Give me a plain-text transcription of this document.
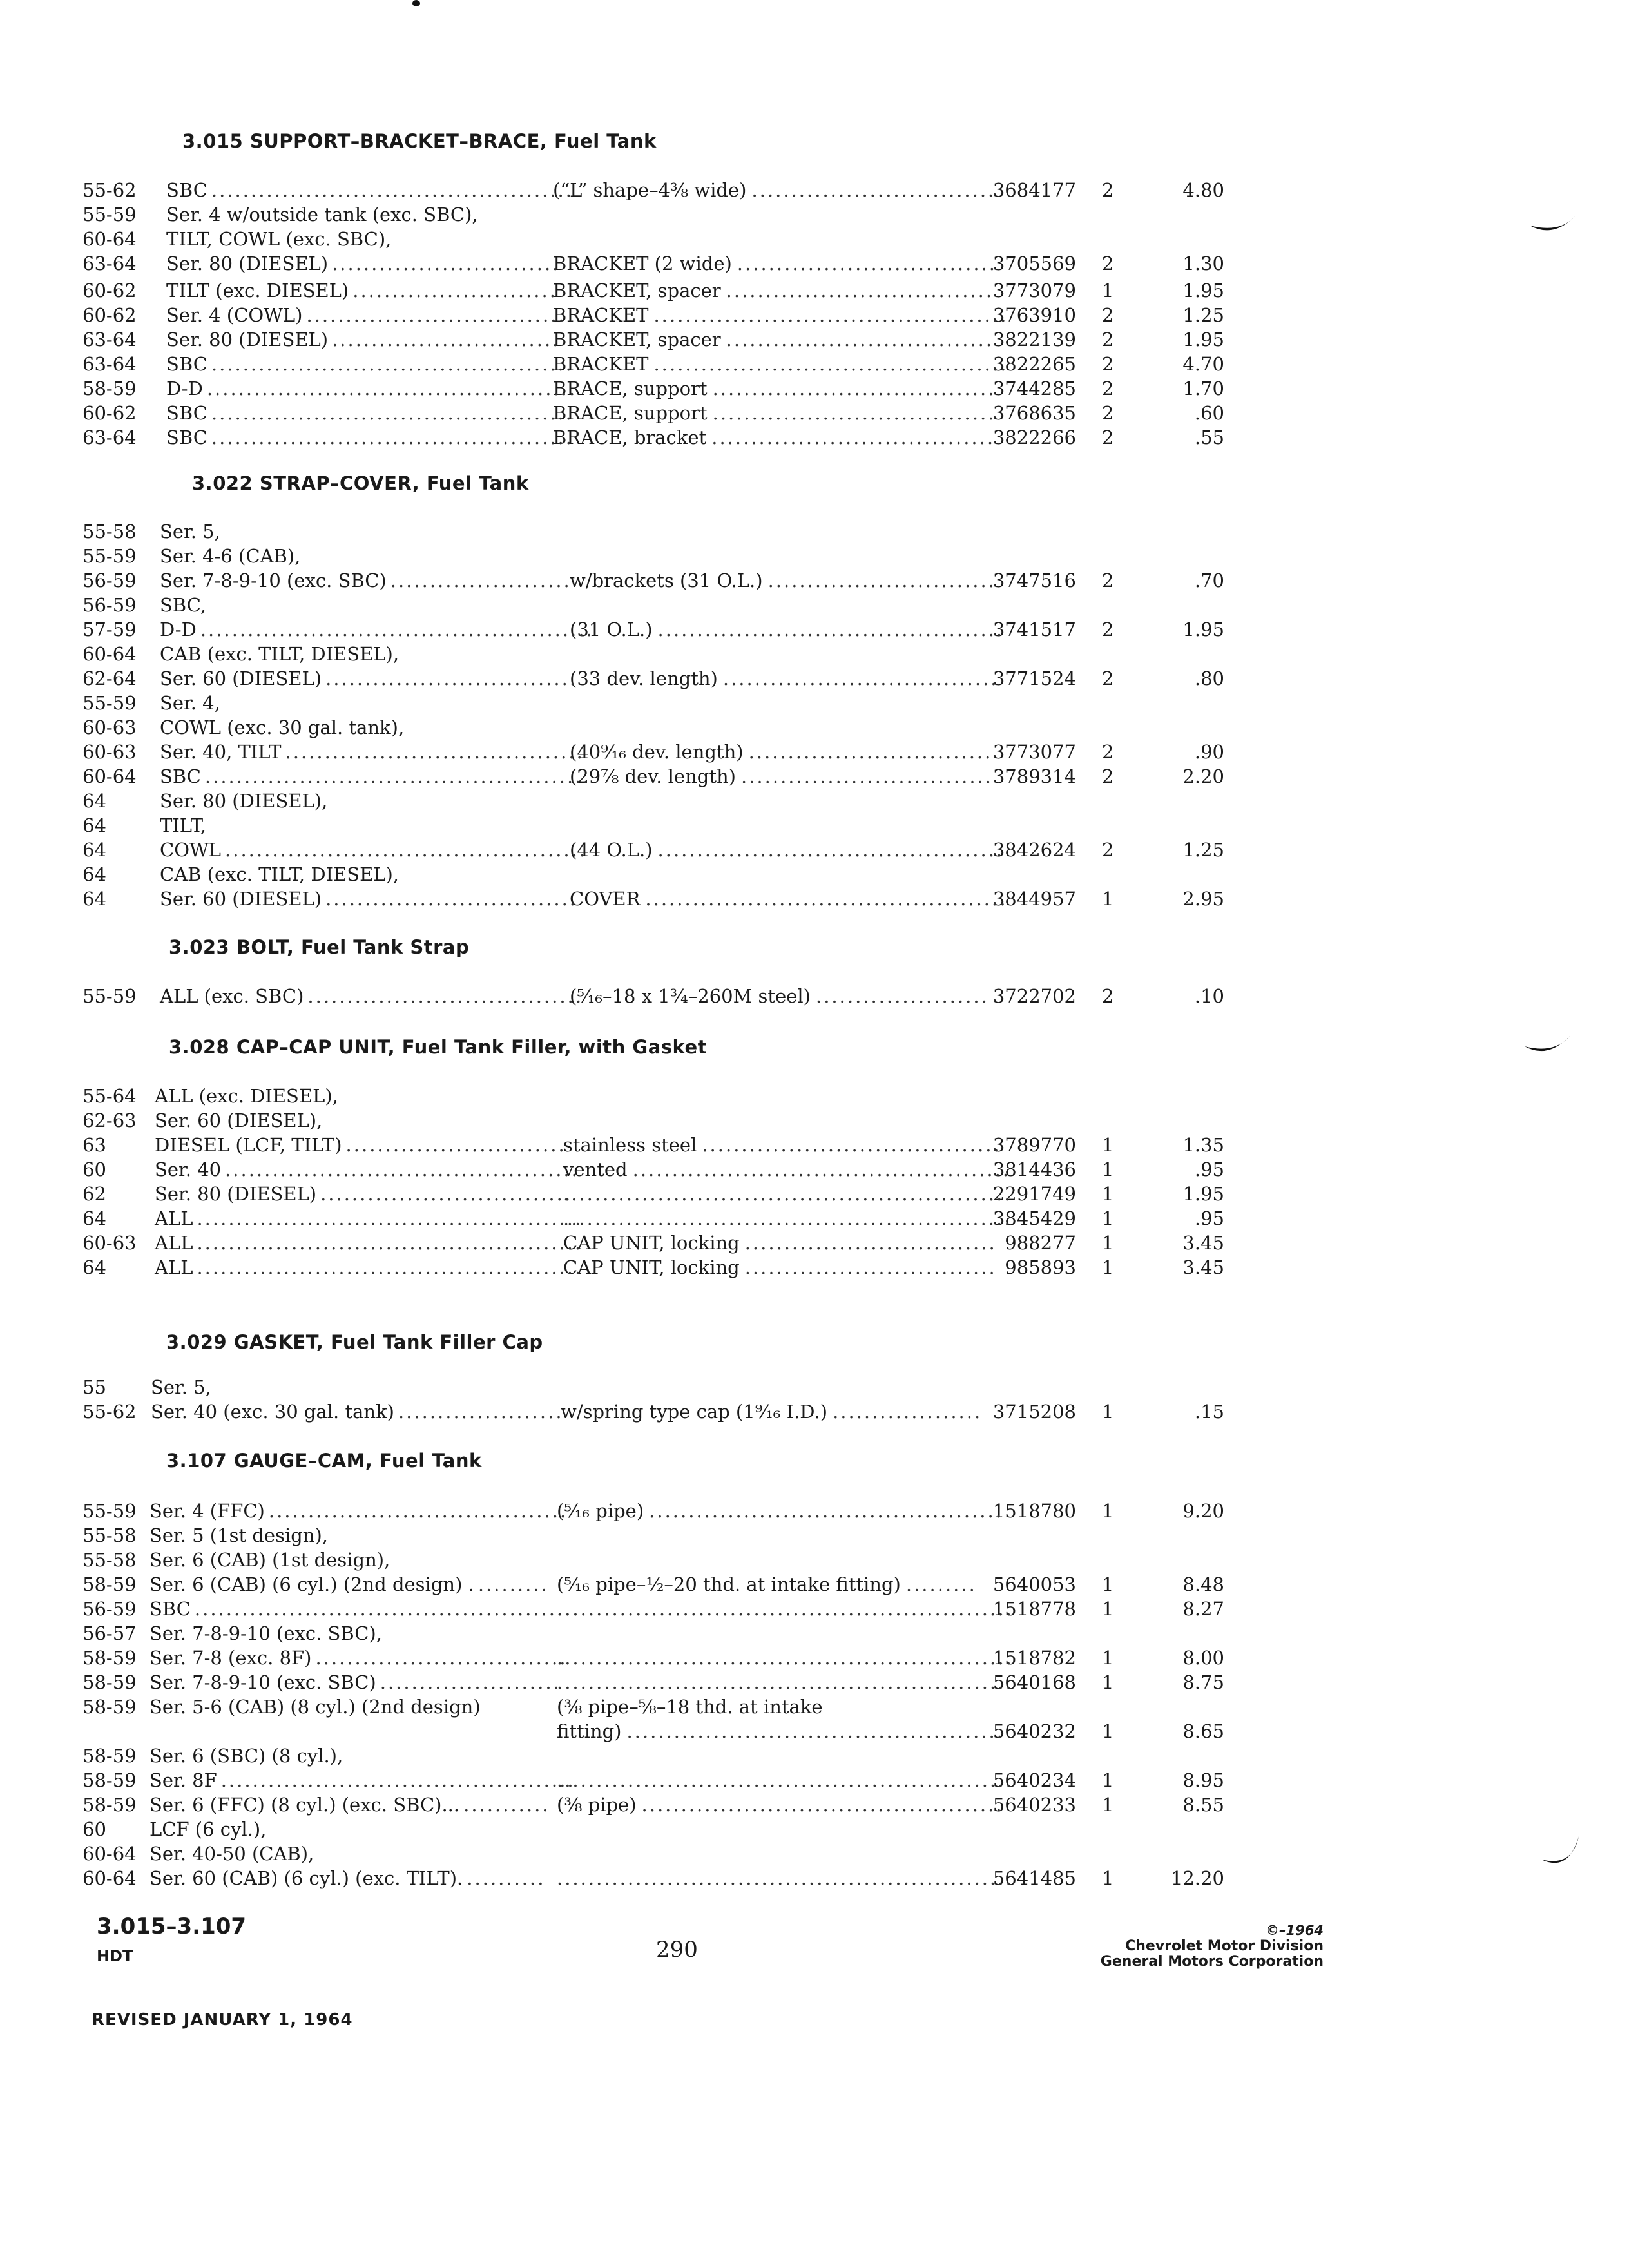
3.015 SUPPORT–BRACKET–BRACE, Fuel Tank
55-62 SBC	(“L” shape–4⅜ wide)	3684177 2	4.80
..............................................	...............................
55-59 Ser. 4 w/outside tank (exc. SBC),
60-64 TILT, COWL (exc. SBC),
63-64 Ser. 80 (DIESEL)	BRACKET (2 wide)	3705569 2	1.30
.............................	.................................
60-62 TILT (exc. DIESEL)	BRACKET, spacer	3773079 1	1.95
..........................	..................................
60-62 Ser. 4 (COWL)	BRACKET	3763910 2	1.25
.................................	.............................................
63-64 Ser. 80 (DIESEL)	BRACKET, spacer	3822139 2	1.95
.............................	..................................
63-64 SBC	BRACKET	3822265 2	4.70
..............................................	.............................................
58-59 D-D	BRACE, support	3744285 2	1.70
...............................................	....................................
60-62 SBC	BRACE, support	3768635 2	.60
..............................................	....................................
63-64 SBC	BRACE, bracket	3822266 2	.55
..............................................	....................................
3.022 STRAP–COVER, Fuel Tank
55-58 Ser. 5,
55-59 Ser. 4-6 (CAB),
56-59 Ser. 7-8-9-10 (exc. SBC)	w/brackets (31 O.L.)	3747516 2	.70
.......................	.............................
56-59 SBC,
57-59 D-D	(31 O.L.)	3741517 2	1.95
..................................................	............................................
60-64 CAB (exc. TILT, DIESEL),
62-64 Ser. 60 (DIESEL)	(33 dev. length)	3771524 2	.80
................................	...................................
55-59 Ser. 4,
60-63 COWL (exc. 30 gal. tank),
60-63 Ser. 40, TILT	(40⁹⁄₁₆ dev. length)	3773077 2	.90
......................................	...............................
60-64 SBC	(29⅞ dev. length)	3789314 2	2.20
.................................................	................................
64	Ser. 80 (DIESEL),
64	TILT,
64	COWL	(44 O.L.)	3842624 2	1.25
..............................................	............................................
64	CAB (exc. TILT, DIESEL),
64	Ser. 60 (DIESEL)	COVER	3844957 1	2.95
................................	..............................................
3.023 BOLT, Fuel Tank Strap
55-59 ALL (exc. SBC)	(⁵⁄₁₆–18 x 1¾–260M steel)	3722702 2	.10
...................................	......................
3.028 CAP–CAP UNIT, Fuel Tank Filler, with Gasket
55-64 ALL (exc. DIESEL),
62-63 Ser. 60 (DIESEL),
63	DIESEL (LCF, TILT)	stainless steel	3789770 1	1.35
............................	......................................
60	Ser. 40	vented	3814436 1	.95
.............................................	................................................
62	Ser. 80 (DIESEL)	2291749 1	1.95
................................
.........................................................
64	ALL	3845429 1	.95
.................................................
.........................................................
60-63 ALL	CAP UNIT, locking	988277 1	3.45
.................................................	................................
64	ALL	CAP UNIT, locking	985893 1	3.45
.................................................	................................
3.029 GASKET, Fuel Tank Filler Cap
55 Ser. 5,
55-62 Ser. 40 (exc. 30 gal. tank)	w/spring type cap (1⁹⁄₁₆ I.D.)	3715208 1	.15
.....................	...................
3.107 GAUGE–CAM, Fuel Tank
55-59 Ser. 4 (FFC)	(⁵⁄₁₆ pipe)	1518780 1	9.20
......................................	.............................................
55-58 Ser. 5 (1st design),
55-58 Ser. 6 (CAB) (1st design),
58-59 Ser. 6 (CAB) (6 cyl.) (2nd design) .	(⁵⁄₁₆ pipe–½–20 thd. at intake fitting)	5640053 1	8.48
.........	.........
56-59 SBC	1518778 1	8.27
.................................................
..........................................................
56-57 Ser. 7-8-9-10 (exc. SBC),
58-59 Ser. 7-8 (exc. 8F)	1518782 1	8.00
................................
..........................................................
58-59 Ser. 7-8-9-10 (exc. SBC)	5640168 1	8.75
.......................
..........................................................
58-59 Ser. 5-6 (CAB) (8 cyl.) (2nd design)	(⅜ pipe–⅝–18 thd. at intake
fitting)	5640232 1	8.65
................................................
58-59 Ser. 6 (SBC) (8 cyl.),
58-59 Ser. 8F	5640234 1	8.95
.............................................
..........................................................
58-59 Ser. 6 (FFC) (8 cyl.) (exc. SBC)...	(⅜ pipe)	5640233 1	8.55
...........	..............................................
60 LCF (6 cyl.),
60-64 Ser. 40-50 (CAB),
60-64 Ser. 60 (CAB) (6 cyl.) (exc. TILT).	5641485 1	12.20
.......... ..........................................................
3.015–3.107
HDT	290
©–1964
Chevrolet Motor Division
General Motors Corporation
REVISED JANUARY 1, 1964
